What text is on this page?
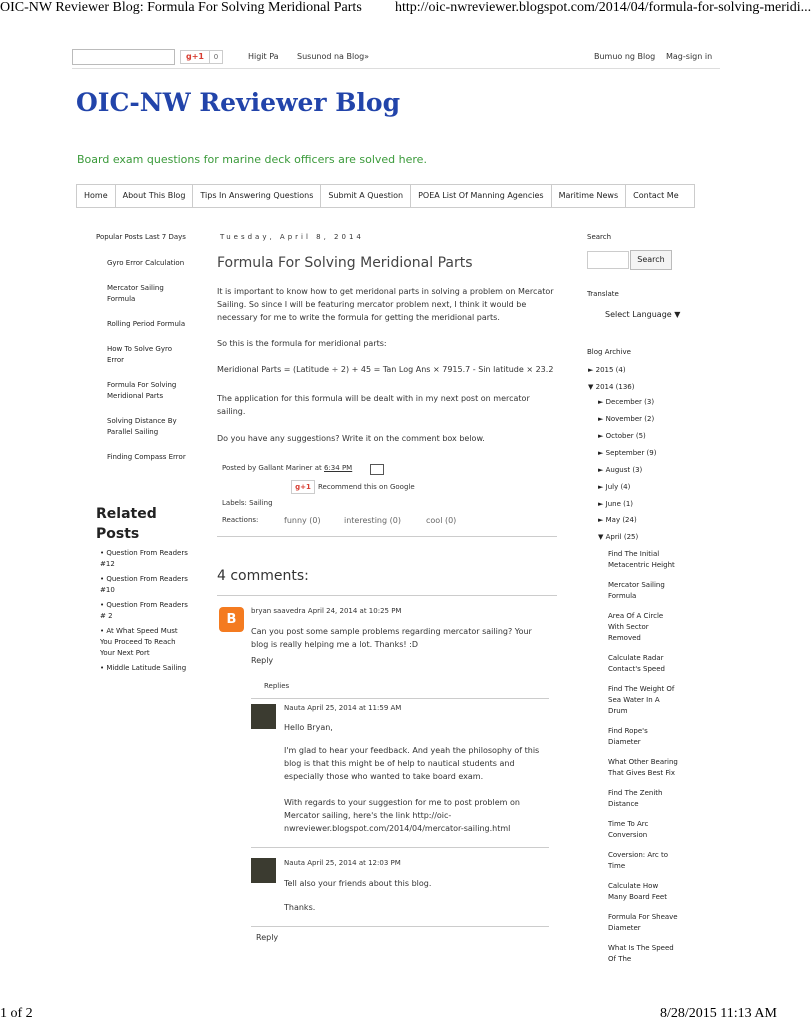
OIC-NW Reviewer Blog: Formula For Solving Meridional Parts http://oic-nwreviewer.blogspot.com/2014/04/formula-for-solving-meridi...
1 of 2	8/28/2015 11:13 AM
g+1	0	Higit Pa Susunod na Blog»	Bumuo ng Blog Mag-sign in
OIC-NW Reviewer Blog
Board exam questions for marine deck officers are solved here.
Home	About This Blog	Tips In Answering Questions	Submit A Question	POEA List Of Manning Agencies	Maritime News	Contact Me
Popular Posts Last 7 Days
Gyro Error Calculation
Mercator Sailing Formula
Rolling Period Formula
How To Solve Gyro Error
Formula For Solving Meridional Parts
Solving Distance By Parallel Sailing
Finding Compass Error
Related Posts
• Question From Readers #12
• Question From Readers #10
• Question From Readers # 2
• At What Speed Must You Proceed To Reach Your Next Port
• Middle Latitude Sailing
Tuesday, April 8, 2014
Formula For Solving Meridional Parts
It is important to know how to get meridonal parts in solving a problem on Mercator Sailing. So since I will be featuring mercator problem next, I think it would be necessary for me to write the formula for getting the meridional parts.
So this is the formula for meridional parts:
Meridional Parts = (Latitude ÷ 2) + 45 = Tan Log Ans × 7915.7 - Sin latitude × 23.2
The application for this formula will be dealt with in my next post on mercator sailing.
Do you have any suggestions? Write it on the comment box below.
Posted by Gallant Mariner at 6:34 PM
g+1	Recommend this on Google
Labels: Sailing
Reactions:	funny (0)	interesting (0)	cool (0)
4 comments:
B
bryan saavedra April 24, 2014 at 10:25 PM
Can you post some sample problems regarding mercator sailing? Your blog is really helping me a lot. Thanks! :D
Reply
Replies
Nauta April 25, 2014 at 11:59 AM
Hello Bryan,
I'm glad to hear your feedback. And yeah the philosophy of this blog is that this might be of help to nautical students and especially those who wanted to take board exam.
With regards to your suggestion for me to post problem on Mercator sailing, here's the link http://oic-nwreviewer.blogspot.com/2014/04/mercator-sailing.html
Nauta April 25, 2014 at 12:03 PM
Tell also your friends about this blog.
Thanks.
Reply
Search
Search
Translate
Select Language ▼
Blog Archive
► 2015 (4)
▼ 2014 (136)
► December (3)
► November (2)
► October (5)
► September (9)
► August (3)
► July (4)
► June (1)
► May (24)
▼ April (25)
Find The Initial Metacentric Height
Mercator Sailing Formula
Area Of A Circle With Sector Removed
Calculate Radar Contact's Speed
Find The Weight Of Sea Water In A Drum
Find Rope's Diameter
What Other Bearing That Gives Best Fix
Find The Zenith Distance
Time To Arc Conversion
Coversion: Arc to Time
Calculate How Many Board Feet
Formula For Sheave Diameter
What Is The Speed Of The
